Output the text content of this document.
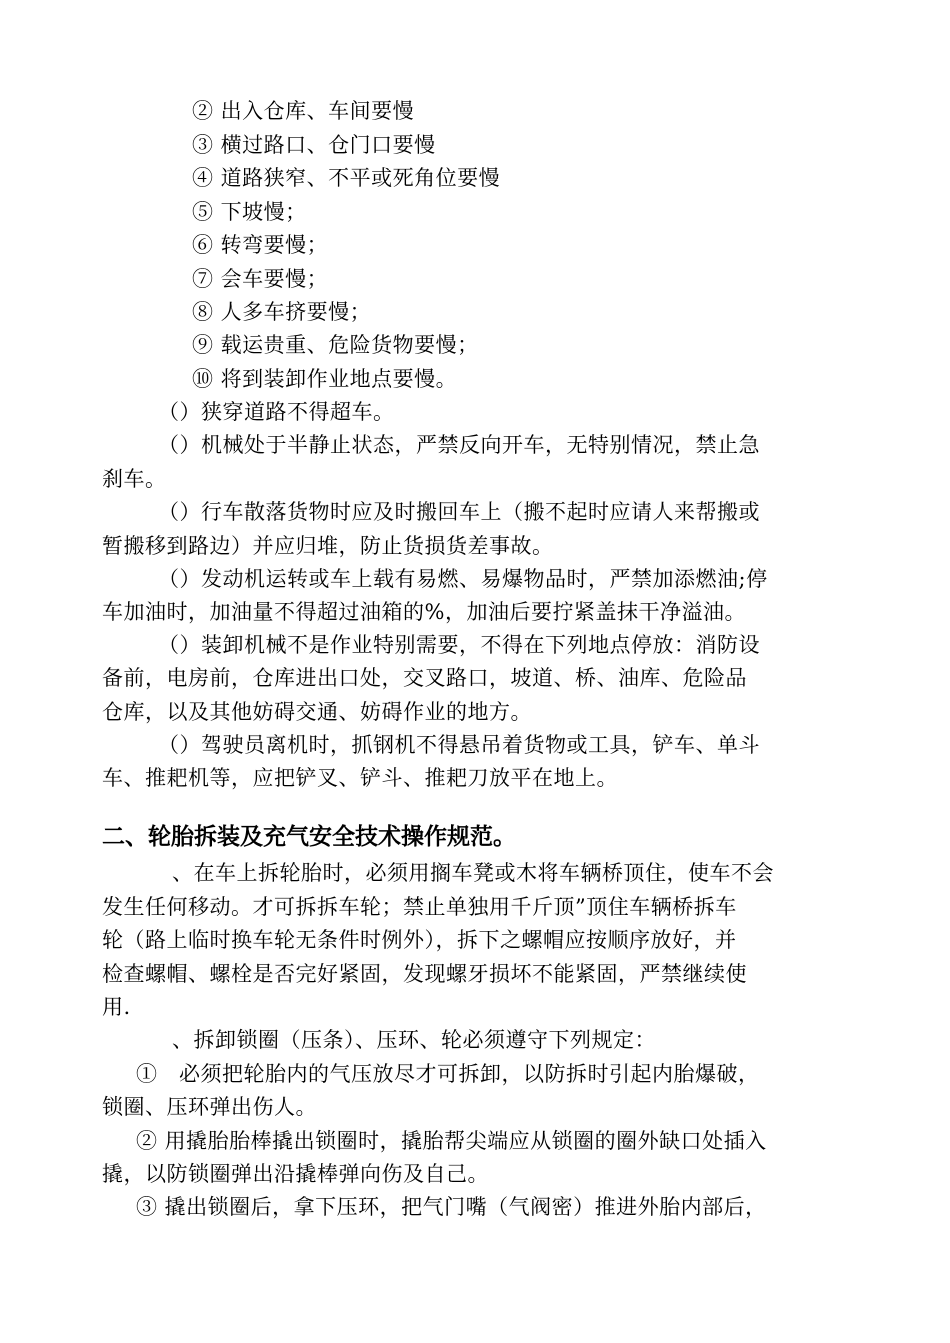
② 出入仓库、车间要慢
③ 横过路口、仓门口要慢
④ 道路狭窄、不平或死角位要慢
⑤ 下坡慢；
⑥ 转弯要慢；
⑦ 会车要慢；
⑧ 人多车挤要慢；
⑨ 载运贵重、危险货物要慢；
⑩ 将到装卸作业地点要慢。
（）狭穿道路不得超车。
（）机械处于半静止状态，严禁反向开车，无特别情况，禁止急
刹车。
（）行车散落货物时应及时搬回车上（搬不起时应请人来帮搬或
暂搬移到路边）并应归堆，防止货损货差事故。
（）发动机运转或车上载有易燃、易爆物品时，严禁加添燃油;停
车加油时，加油量不得超过油箱的%，加油后要拧紧盖抹干净溢油。
（）装卸机械不是作业特别需要，不得在下列地点停放：消防设
备前，电房前，仓库进出口处，交叉路口，坡道、桥、油库、危险品
仓库，以及其他妨碍交通、妨碍作业的地方。
（）驾驶员离机时，抓钢机不得悬吊着货物或工具，铲车、单斗
车、推耙机等，应把铲叉、铲斗、推耙刀放平在地上。
二、轮胎拆装及充气安全技术操作规范。
、在车上拆轮胎时，必须用搁车凳或木将车辆桥顶住，使车不会
发生任何移动。才可拆拆车轮；禁止单独用千斤顶”顶住车辆桥拆车
轮（路上临时换车轮无条件时例外），拆下之螺帽应按顺序放好，并
检查螺帽、螺栓是否完好紧固，发现螺牙损坏不能紧固，严禁继续使
用.
、拆卸锁圈（压条）、压环、轮必须遵守下列规定：
①　必须把轮胎内的气压放尽才可拆卸，以防拆时引起内胎爆破，
锁圈、压环弹出伤人。
② 用撬胎胎棒撬出锁圈时，撬胎帮尖端应从锁圈的圈外缺口处插入
撬，以防锁圈弹出沿撬棒弹向伤及自己。
③ 撬出锁圈后，拿下压环，把气门嘴（气阀密）推进外胎内部后，
